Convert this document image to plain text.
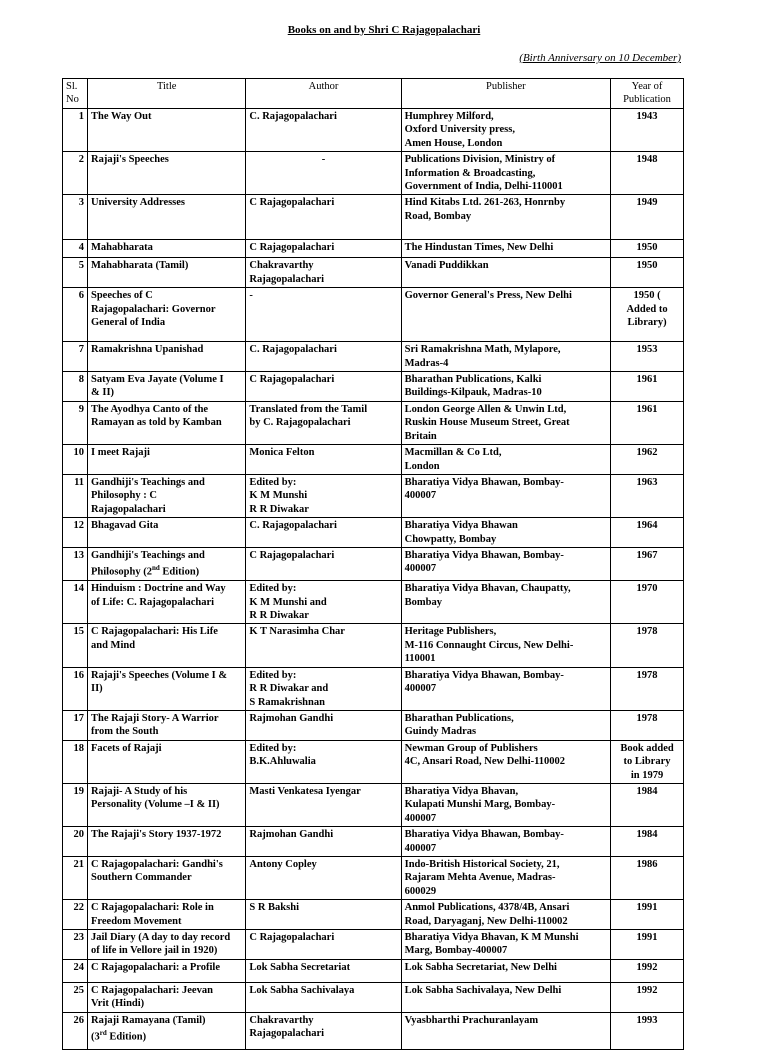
Books on and by Shri C Rajagopalachari
(Birth Anniversary on 10 December)
Sl.
No	Title	Author	Publisher	Year of
Publication

1	The Way Out	C. Rajagopalachari	Humphrey Milford,
Oxford University press,
Amen House, London	1943

2	Rajaji's Speeches	-	Publications Division, Ministry of
Information & Broadcasting,
Government of India, Delhi-110001	1948

3	University Addresses	C Rajagopalachari	Hind Kitabs Ltd. 261-263, Honrnby
Road, Bombay	1949

4	Mahabharata	C Rajagopalachari	The Hindustan Times, New Delhi	1950

5	Mahabharata (Tamil)	Chakravarthy
Rajagopalachari	Vanadi Puddikkan	1950

6	Speeches of C
Rajagopalachari: Governor
General of India	-	Governor General's Press, New Delhi	1950 (
Added to
Library)

7	Ramakrishna Upanishad	C. Rajagopalachari	Sri Ramakrishna Math, Mylapore,
Madras-4	1953

8	Satyam Eva Jayate (Volume I
& II)	C Rajagopalachari	Bharathan Publications, Kalki
Buildings-Kilpauk, Madras-10	1961

9	The Ayodhya Canto of the
Ramayan as told by Kamban	Translated from the Tamil
by C. Rajagopalachari	London George Allen & Unwin Ltd,
Ruskin House Museum Street, Great
Britain	1961

10	I meet Rajaji	Monica Felton	Macmillan & Co Ltd,
London	1962

11	Gandhiji's Teachings and
Philosophy : C
Rajagopalachari	Edited by:
K M Munshi
R R Diwakar	Bharatiya Vidya Bhawan, Bombay-
400007	1963

12	Bhagavad Gita	C. Rajagopalachari	Bharatiya Vidya Bhawan
Chowpatty, Bombay	1964

13	Gandhiji's Teachings and
Philosophy (2nd Edition)	C Rajagopalachari	Bharatiya Vidya Bhawan, Bombay-
400007	1967

14	Hinduism : Doctrine and Way
of Life: C. Rajagopalachari	Edited by:
K M Munshi and
R R Diwakar	Bharatiya Vidya Bhavan, Chaupatty,
Bombay	1970

15	C Rajagopalachari: His Life
and Mind	K T Narasimha Char	Heritage Publishers,
M-116 Connaught Circus, New Delhi-
110001	1978

16	Rajaji's Speeches (Volume I &
II)	Edited by:
R R Diwakar and
S Ramakrishnan	Bharatiya Vidya Bhawan, Bombay-
400007	1978

17	The Rajaji Story- A Warrior
from the South	Rajmohan Gandhi	Bharathan Publications,
Guindy Madras	1978

18	Facets of Rajaji	Edited by:
B.K.Ahluwalia	Newman Group of Publishers
4C, Ansari Road, New Delhi-110002	Book added
to Library
in 1979

19	Rajaji- A Study of his
Personality (Volume –I & II)	Masti Venkatesa Iyengar	Bharatiya Vidya Bhavan,
Kulapati Munshi Marg, Bombay-
400007	1984

20	The Rajaji's Story 1937-1972	Rajmohan Gandhi	Bharatiya Vidya Bhawan, Bombay-
400007	1984

21	C Rajagopalachari: Gandhi's
Southern Commander	Antony Copley	Indo-British Historical Society, 21,
Rajaram Mehta Avenue, Madras-
600029	1986

22	C Rajagopalachari: Role in
Freedom Movement	S R Bakshi	Anmol Publications, 4378/4B, Ansari
Road, Daryaganj, New Delhi-110002	1991

23	Jail Diary (A day to day record
of life in Vellore jail in 1920)	C Rajagopalachari	Bharatiya Vidya Bhavan, K M Munshi
Marg, Bombay-400007	1991

24	C Rajagopalachari: a Profile	Lok Sabha Secretariat	Lok Sabha Secretariat, New Delhi	1992

25	C Rajagopalachari: Jeevan
Vrit (Hindi)	Lok Sabha Sachivalaya	Lok Sabha Sachivalaya, New Delhi	1992

26	Rajaji Ramayana (Tamil)
(3rd Edition)	Chakravarthy
Rajagopalachari	Vyasbharthi Prachuranlayam	1993
